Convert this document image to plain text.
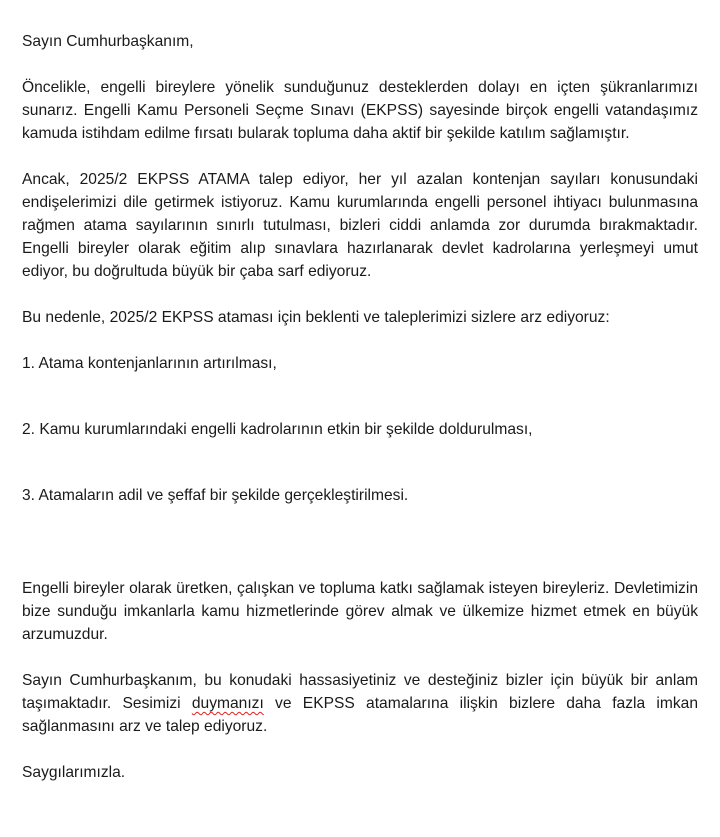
Sayın Cumhurbaşkanım,

Öncelikle, engelli bireylere yönelik sunduğunuz desteklerden dolayı en içten şükranlarımızı sunarız. Engelli Kamu Personeli Seçme Sınavı (EKPSS) sayesinde birçok engelli vatandaşımız kamuda istihdam edilme fırsatı bularak topluma daha aktif bir şekilde katılım sağlamıştır.

Ancak, 2025/2 EKPSS ATAMA talep ediyor, her yıl azalan kontenjan sayıları konusundaki endişelerimizi dile getirmek istiyoruz. Kamu kurumlarında engelli personel ihtiyacı bulunmasına rağmen atama sayılarının sınırlı tutulması, bizleri ciddi anlamda zor durumda bırakmaktadır. Engelli bireyler olarak eğitim alıp sınavlara hazırlanarak devlet kadrolarına yerleşmeyi umut ediyor, bu doğrultuda büyük bir çaba sarf ediyoruz.

Bu nedenle, 2025/2 EKPSS ataması için beklenti ve taleplerimizi sizlere arz ediyoruz:

1. Atama kontenjanlarının artırılması,

2. Kamu kurumlarındaki engelli kadrolarının etkin bir şekilde doldurulması,

3. Atamaların adil ve şeffaf bir şekilde gerçekleştirilmesi.

Engelli bireyler olarak üretken, çalışkan ve topluma katkı sağlamak isteyen bireyleriz. Devletimizin bize sunduğu imkanlarla kamu hizmetlerinde görev almak ve ülkemize hizmet etmek en büyük arzumuzdur.

Sayın Cumhurbaşkanım, bu konudaki hassasiyetiniz ve desteğiniz bizler için büyük bir anlam taşımaktadır. Sesimizi duymanızı ve EKPSS atamalarına ilişkin bizlere daha fazla imkan sağlanmasını arz ve talep ediyoruz.

Saygılarımızla.
